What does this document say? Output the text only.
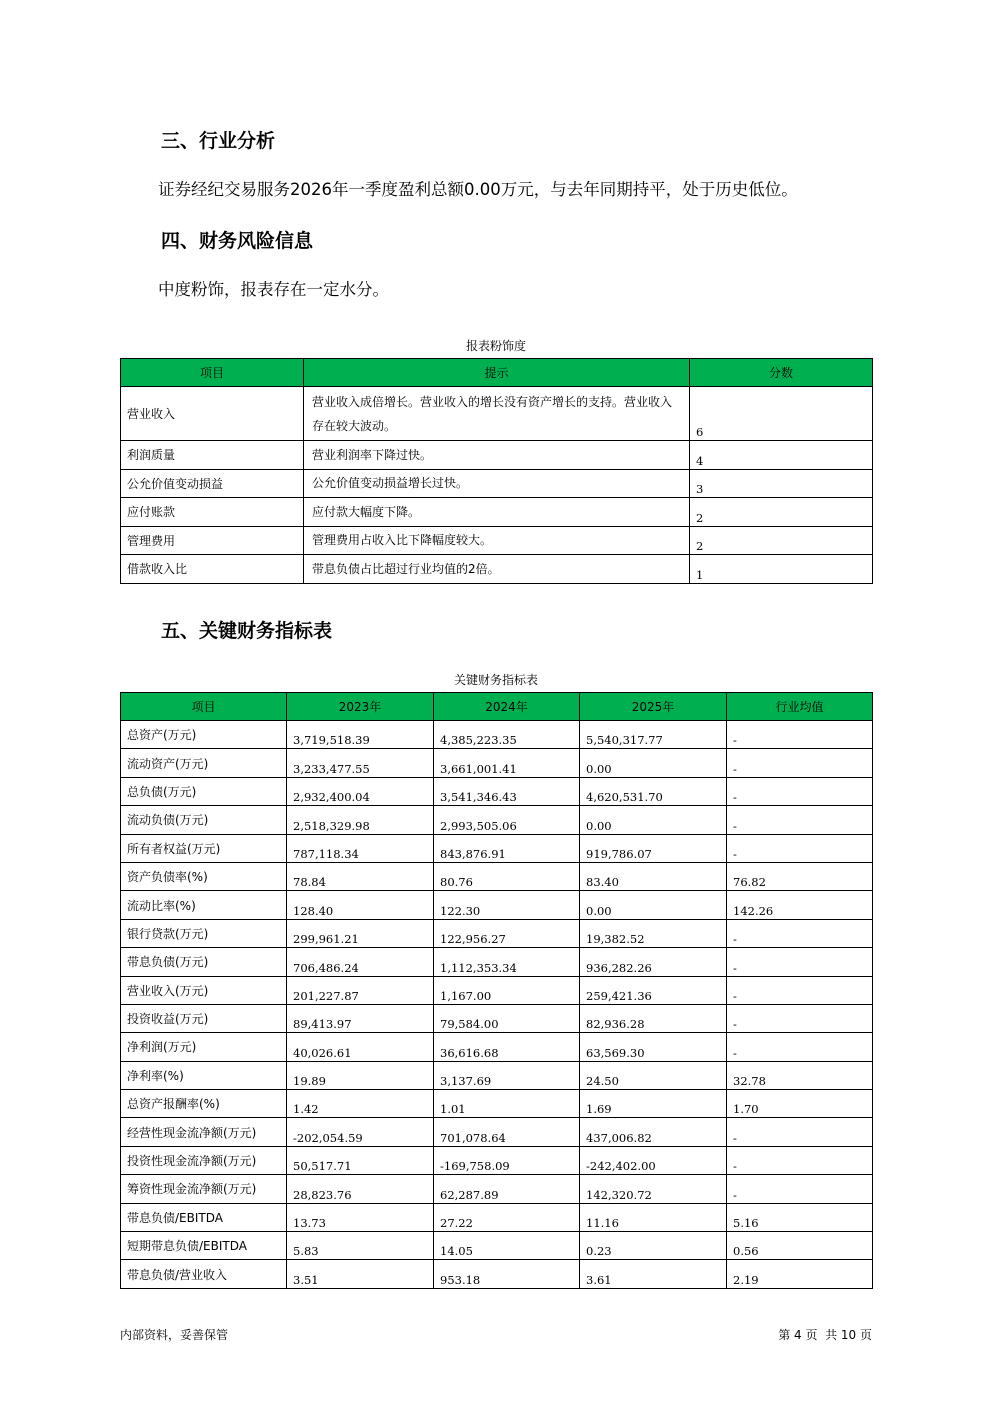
三、行业分析

证券经纪交易服务2026年一季度盈利总额0.00万元，与去年同期持平，处于历史低位。

四、财务风险信息

中度粉饰，报表存在一定水分。

报表粉饰度
项目	提示	分数
营业收入	营业收入成倍增长。营业收入的增长没有资产增长的支持。营业收入存在较大波动。	6
利润质量	营业利润率下降过快。	4
公允价值变动损益	公允价值变动损益增长过快。	3
应付账款	应付款大幅度下降。	2
管理费用	管理费用占收入比下降幅度较大。	2
借款收入比	带息负债占比超过行业均值的2倍。	1
五、关键财务指标表
关键财务指标表
项目	2023年	2024年	2025年	行业均值
总资产(万元)	3,719,518.39	4,385,223.35	5,540,317.77	-
流动资产(万元)	3,233,477.55	3,661,001.41	0.00	-
总负债(万元)	2,932,400.04	3,541,346.43	4,620,531.70	-
流动负债(万元)	2,518,329.98	2,993,505.06	0.00	-
所有者权益(万元)	787,118.34	843,876.91	919,786.07	-
资产负债率(%)	78.84	80.76	83.40	76.82
流动比率(%)	128.40	122.30	0.00	142.26
银行贷款(万元)	299,961.21	122,956.27	19,382.52	-
带息负债(万元)	706,486.24	1,112,353.34	936,282.26	-
营业收入(万元)	201,227.87	1,167.00	259,421.36	-
投资收益(万元)	89,413.97	79,584.00	82,936.28	-
净利润(万元)	40,026.61	36,616.68	63,569.30	-
净利率(%)	19.89	3,137.69	24.50	32.78
总资产报酬率(%)	1.42	1.01	1.69	1.70
经营性现金流净额(万元)	-202,054.59	701,078.64	437,006.82	-
投资性现金流净额(万元)	50,517.71	-169,758.09	-242,402.00	-
筹资性现金流净额(万元)	28,823.76	62,287.89	142,320.72	-
带息负债/EBITDA	13.73	27.22	11.16	5.16
短期带息负债/EBITDA	5.83	14.05	0.23	0.56
带息负债/营业收入	3.51	953.18	3.61	2.19
内部资料，妥善保管	第 4 页  共 10 页
